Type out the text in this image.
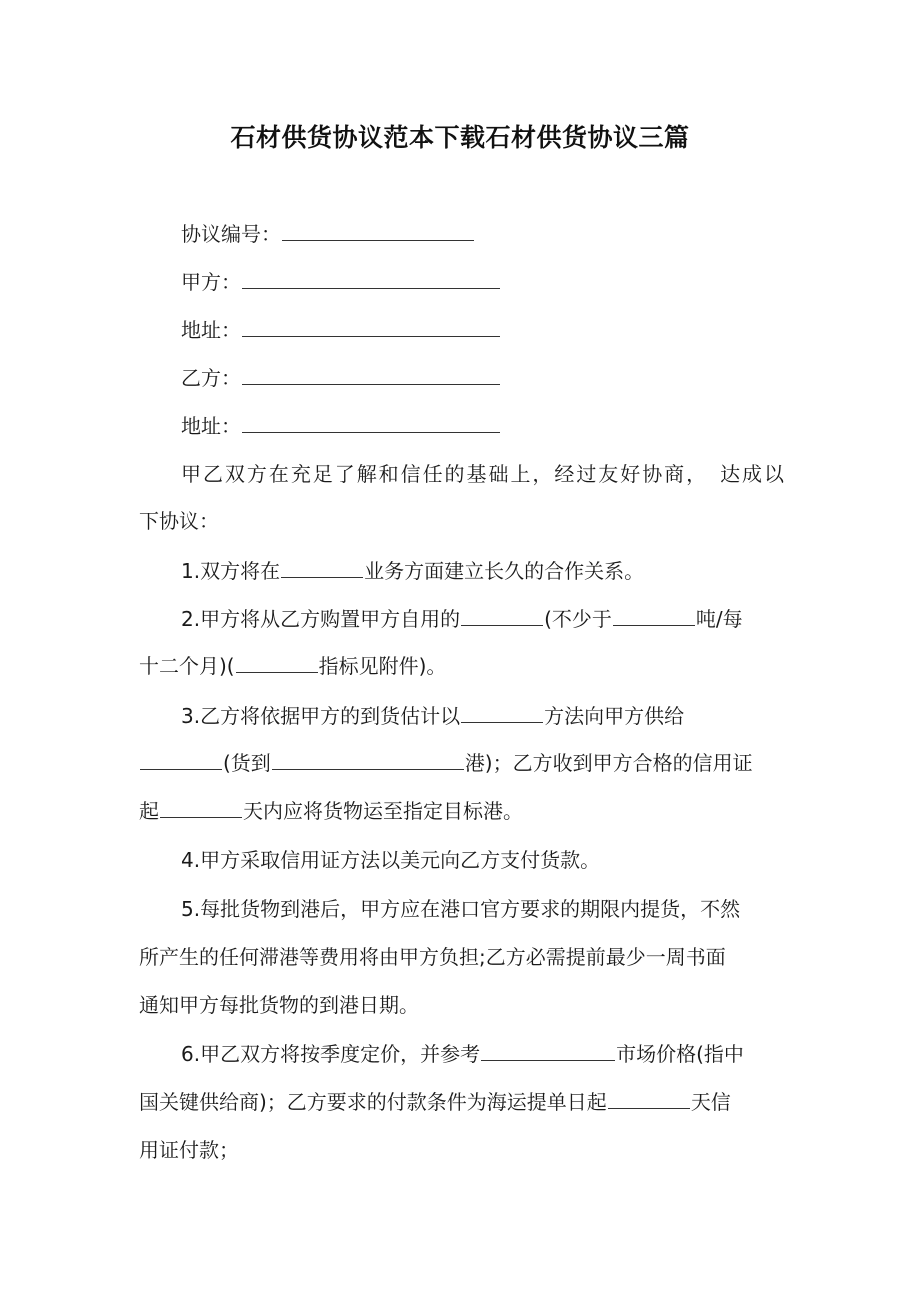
石材供货协议范本下载石材供货协议三篇
协议编号：
甲方：
地址：
乙方：
地址：
甲乙双方在充足了解和信任的基础上，经过友好协商，　达成以
下协议：
1.双方将在	业务方面建立长久的合作关系。
2.甲方将从乙方购置甲方自用的	(不少于	吨/每
十二个月)(	指标见附件)。
3.乙方将依据甲方的到货估计以	方法向甲方供给
(货到	港)；乙方收到甲方合格的信用证
起	天内应将货物运至指定目标港。
4.甲方采取信用证方法以美元向乙方支付货款。
5.每批货物到港后，甲方应在港口官方要求的期限内提货，不然
所产生的任何滞港等费用将由甲方负担;乙方必需提前最少一周书面
通知甲方每批货物的到港日期。
6.甲乙双方将按季度定价，并参考	市场价格(指中
国关键供给商)；乙方要求的付款条件为海运提单日起	天信
用证付款；
